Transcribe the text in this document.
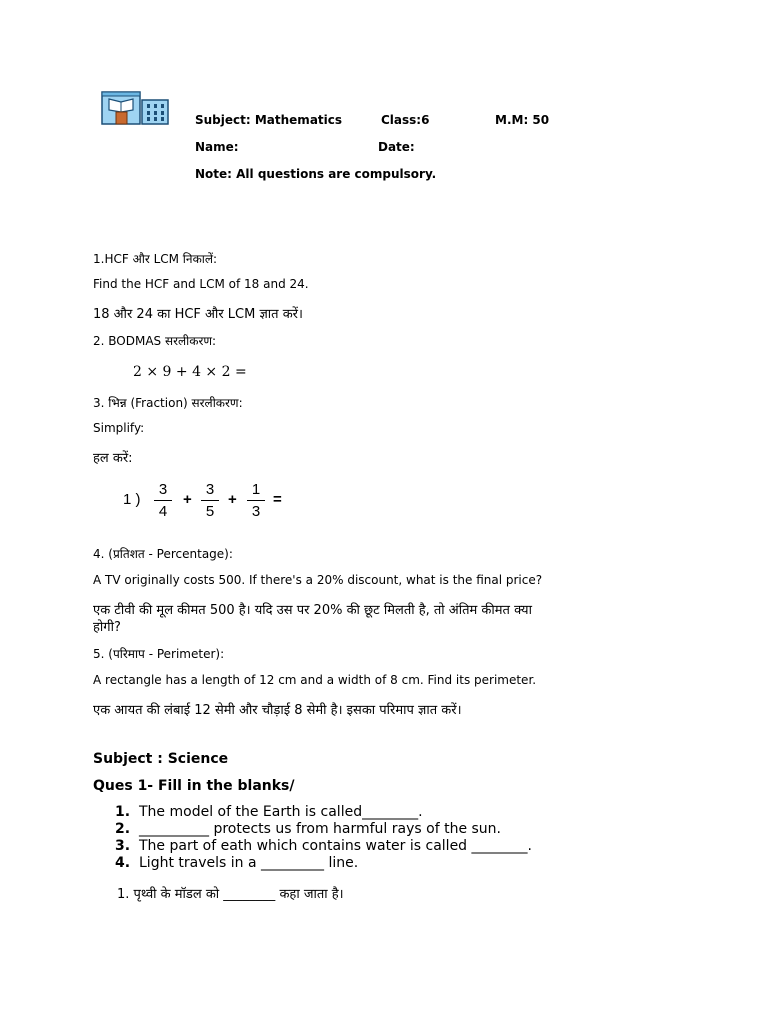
Subject: Mathematics	Class:6	M.M: 50
Name:	Date:
Note: All questions are compulsory.
1.HCF और LCM निकालें:
Find the HCF and LCM of 18 and 24.
18 और 24 का HCF और LCM ज्ञात करें।
2. BODMAS सरलीकरण:
2 × 9 + 4 × 2 =
3. भिन्न (Fraction) सरलीकरण:
Simplify:
हल करें:
1 )
3
4
+
3
5
+
1
3
=
4. (प्रतिशत - Percentage):
A TV originally costs 500. If there's a 20% discount, what is the final price?
एक टीवी की मूल कीमत 500 है। यदि उस पर 20% की छूट मिलती है, तो अंतिम कीमत क्या
होगी?
5. (परिमाप - Perimeter):
A rectangle has a length of 12 cm and a width of 8 cm. Find its perimeter.
एक आयत की लंबाई 12 सेमी और चौड़ाई 8 सेमी है। इसका परिमाप ज्ञात करें।
Subject : Science
Ques 1- Fill in the blanks/
1. The model of the Earth is called________.
2. __________ protects us from harmful rays of the sun.
3. The part of eath which contains water is called ________.
4. Light travels in a _________ line.
1. पृथ्वी के मॉडल को ________ कहा जाता है।
